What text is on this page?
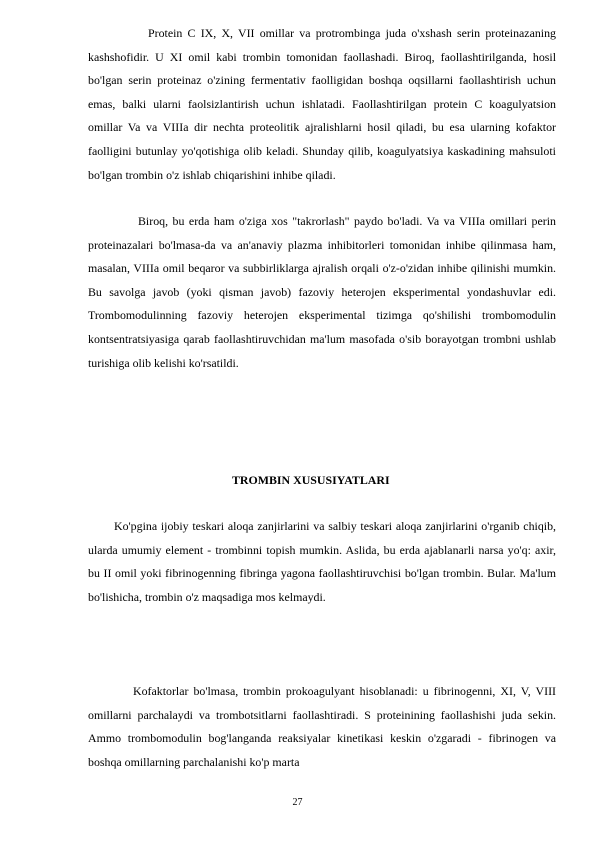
Protein C IX, X, VII omillar va protrombinga juda o'xshash serin proteinazaning kashshofidir. U XI omil kabi trombin tomonidan faollashadi. Biroq, faollashtirilganda, hosil bo'lgan serin proteinaz o'zining fermentativ faolligidan boshqa oqsillarni faollashtirish uchun emas, balki ularni faolsizlantirish uchun ishlatadi. Faollashtirilgan protein C koagulyatsion omillar Va va VIIIa dir nechta proteolitik ajralishlarni hosil qiladi, bu esa ularning kofaktor faolligini butunlay yo'qotishiga olib keladi. Shunday qilib, koagulyatsiya kaskadining mahsuloti bo'lgan trombin o'z ishlab chiqarishini inhibe qiladi.

Biroq, bu erda ham o'ziga xos "takrorlash" paydo bo'ladi. Va va VIIIa omillari perin proteinazalari bo'lmasa-da va an'anaviy plazma inhibitorleri tomonidan inhibe qilinmasa ham, masalan, VIIIa omil beqaror va subbirliklarga ajralish orqali o'z-o'zidan inhibe qilinishi mumkin. Bu savolga javob (yoki qisman javob) fazoviy heterojen eksperimental yondashuvlar edi. Trombomodulinning fazoviy heterojen eksperimental tizimga qo'shilishi trombomodulin kontsentratsiyasiga qarab faollashtiruvchidan ma'lum masofada o'sib borayotgan trombni ushlab turishiga olib kelishi ko'rsatildi.

TROMBIN XUSUSIYATLARI

Ko'pgina ijobiy teskari aloqa zanjirlarini va salbiy teskari aloqa zanjirlarini o'rganib chiqib, ularda umumiy element - trombinni topish mumkin. Aslida, bu erda ajablanarli narsa yo'q: axir, bu II omil yoki fibrinogenning fibringa yagona faollashtiruvchisi bo'lgan trombin. Bular. Ma'lum bo'lishicha, trombin o'z maqsadiga mos kelmaydi.

Kofaktorlar bo'lmasa, trombin prokoagulyant hisoblanadi: u fibrinogenni, XI, V, VIII omillarni parchalaydi va trombotsitlarni faollashtiradi. S proteinining faollashishi juda sekin. Ammo trombomodulin bog'langanda reaksiyalar kinetikasi keskin o'zgaradi - fibrinogen va boshqa omillarning parchalanishi ko'p marta

27
